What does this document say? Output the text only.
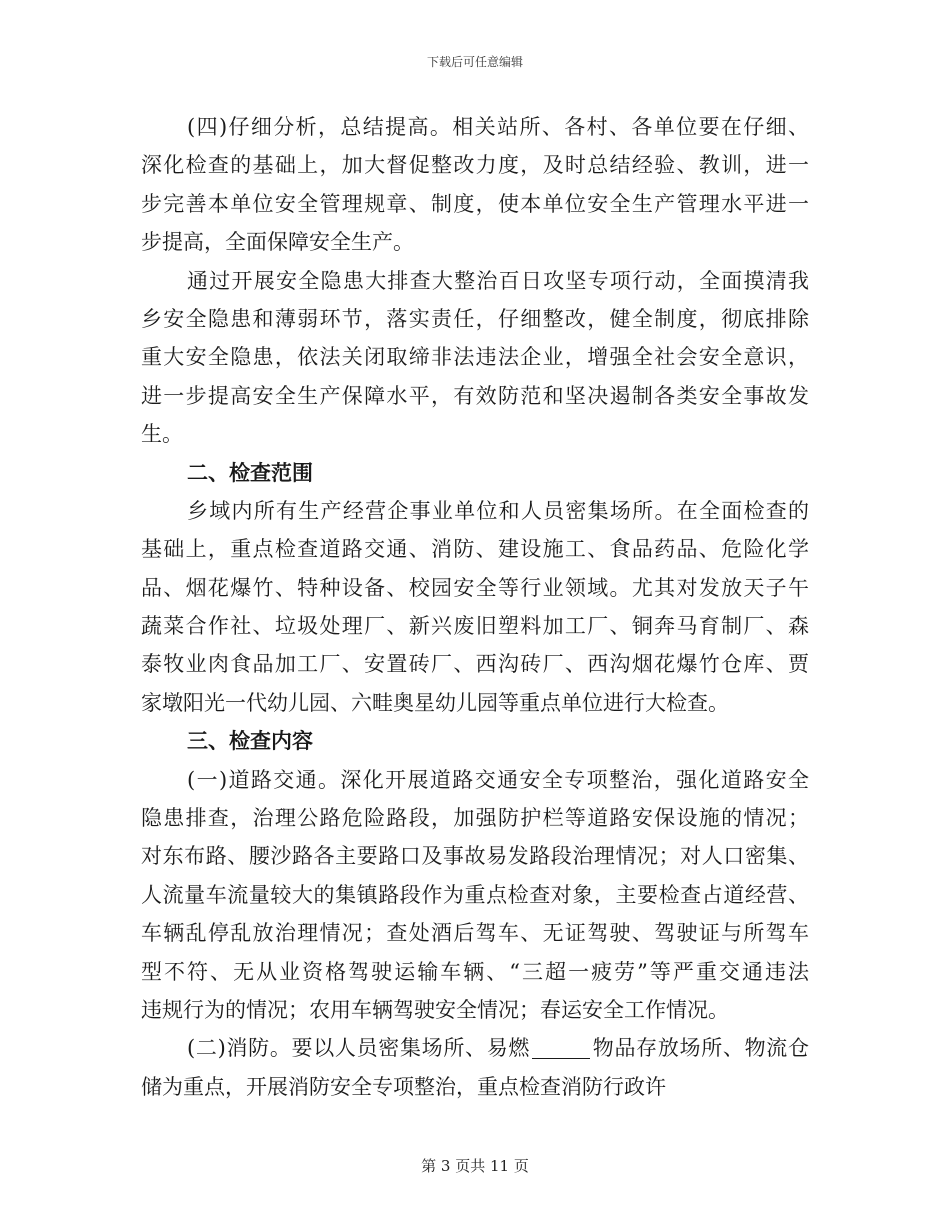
下载后可任意编辑
(四)仔细分析，总结提高。相关站所、各村、各单位要在仔细、
深化检查的基础上，加大督促整改力度，及时总结经验、教训，进一
步完善本单位安全管理规章、制度，使本单位安全生产管理水平进一
步提高，全面保障安全生产。
通过开展安全隐患大排查大整治百日攻坚专项行动，全面摸清我
乡安全隐患和薄弱环节，落实责任，仔细整改，健全制度，彻底排除
重大安全隐患，依法关闭取缔非法违法企业，增强全社会安全意识，
进一步提高安全生产保障水平，有效防范和坚决遏制各类安全事故发
生。
二、检查范围
乡域内所有生产经营企事业单位和人员密集场所。在全面检查的
基础上，重点检查道路交通、消防、建设施工、食品药品、危险化学
品、烟花爆竹、特种设备、校园安全等行业领域。尤其对发放天子午
蔬菜合作社、垃圾处理厂、新兴废旧塑料加工厂、铜奔马育制厂、森
泰牧业肉食品加工厂、安置砖厂、西沟砖厂、西沟烟花爆竹仓库、贾
家墩阳光一代幼儿园、六畦奥星幼儿园等重点单位进行大检查。
三、检查内容
(一)道路交通。深化开展道路交通安全专项整治，强化道路安全
隐患排查，治理公路危险路段，加强防护栏等道路安保设施的情况；
对东布路、腰沙路各主要路口及事故易发路段治理情况；对人口密集、
人流量车流量较大的集镇路段作为重点检查对象，主要检查占道经营、
车辆乱停乱放治理情况；查处酒后驾车、无证驾驶、驾驶证与所驾车
型不符、无从业资格驾驶运输车辆、“三超一疲劳”等严重交通违法
违规行为的情况；农用车辆驾驶安全情况；春运安全工作情况。
(二)消防。要以人员密集场所、易燃	物品存放场所、物流仓
储为重点，开展消防安全专项整治，重点检查消防行政许
第 3 页共 11 页
